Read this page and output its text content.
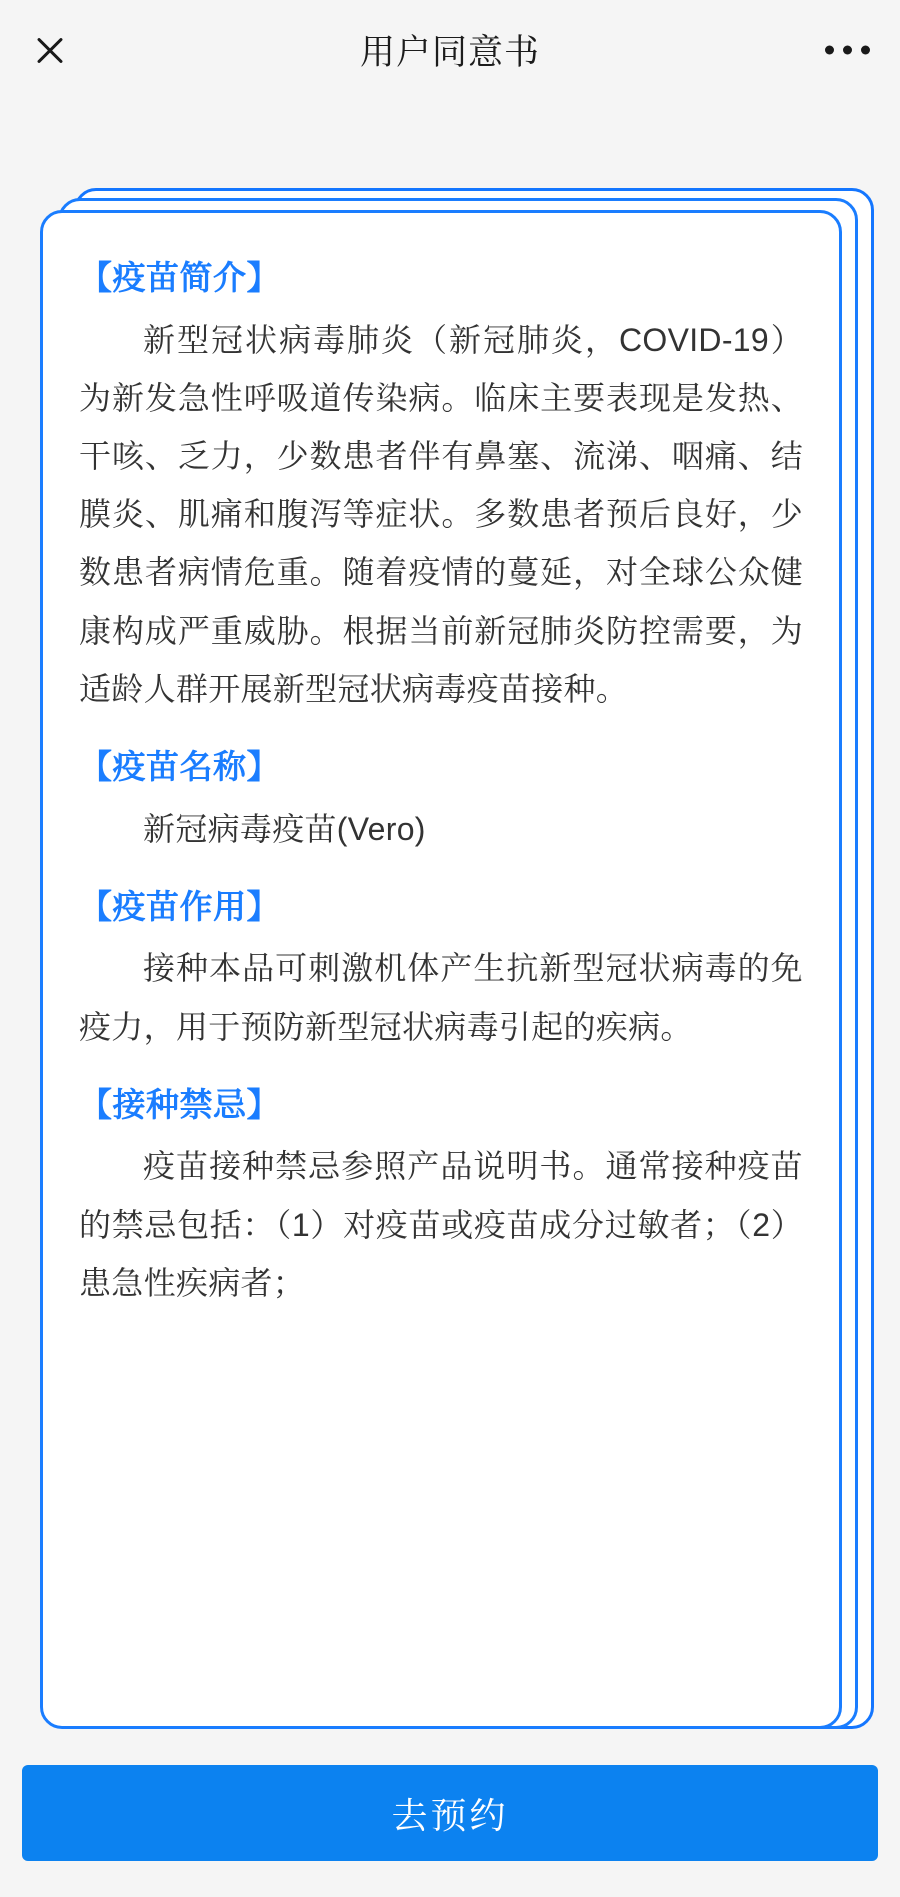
用户同意书
【疫苗简介】
新型冠状病毒肺炎（新冠肺炎，COVID-19）为新发急性呼吸道传染病。临床主要表现是发热、干咳、乏力，少数患者伴有鼻塞、流涕、咽痛、结膜炎、肌痛和腹泻等症状。多数患者预后良好，少数患者病情危重。随着疫情的蔓延，对全球公众健康构成严重威胁。根据当前新冠肺炎防控需要，为适龄人群开展新型冠状病毒疫苗接种。
【疫苗名称】
新冠病毒疫苗(Vero)
【疫苗作用】
接种本品可刺激机体产生抗新型冠状病毒的免疫力，用于预防新型冠状病毒引起的疾病。
【接种禁忌】
疫苗接种禁忌参照产品说明书。通常接种疫苗的禁忌包括：（1）对疫苗或疫苗成分过敏者；（2）患急性疾病者；
去预约
